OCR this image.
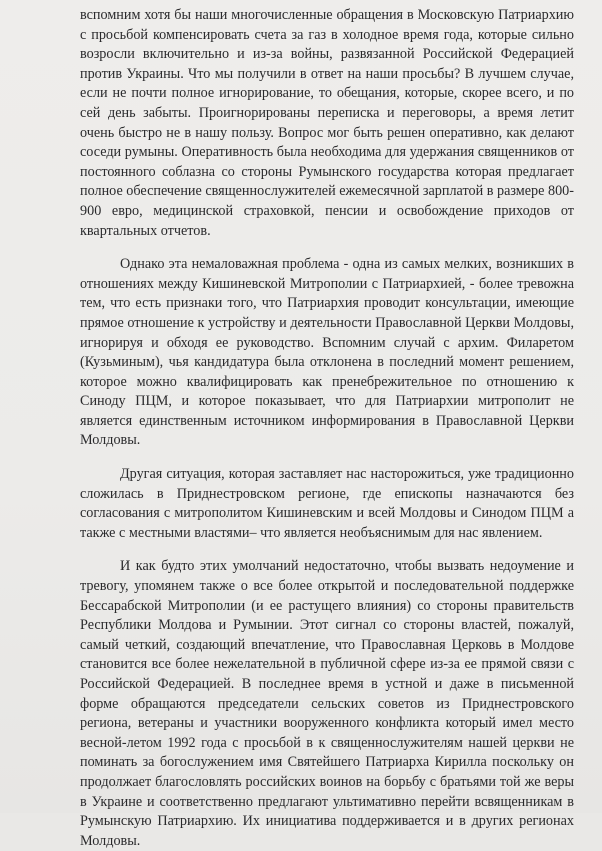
вспомним хотя бы наши многочисленные обращения в Московскую Патриархию с просьбой компенсировать счета за газ в холодное время года, которые сильно возросли включительно и из-за войны, развязанной Российской Федерацией против Украины. Что мы получили в ответ на наши просьбы? В лучшем случае, если не почти полное игнорирование, то обещания, которые, скорее всего, и по сей день забыты. Проигнорированы переписка и переговоры, а время летит очень быстро не в нашу пользу. Вопрос мог быть решен оперативно, как делают соседи румыны. Оперативность была необходима для удержания священников от постоянного соблазна со стороны Румынского государства которая предлагает полное обеспечение священнослужителей ежемесячной зарплатой в размере 800-900 евро, медицинской страховкой, пенсии и освобождение приходов от квартальных отчетов.

Однако эта немаловажная проблема - одна из самых мелких, возникших в отношениях между Кишиневской Митрополии с Патриархией, - более тревожна тем, что есть признаки того, что Патриархия проводит консультации, имеющие прямое отношение к устройству и деятельности Православной Церкви Молдовы, игнорируя и обходя ее руководство. Вспомним случай с архим. Филаретом (Кузьминым), чья кандидатура была отклонена в последний момент решением, которое можно квалифицировать как пренебрежительное по отношению к Синоду ПЦМ, и которое показывает, что для Патриархии митрополит не является единственным источником информирования в Православной Церкви Молдовы.

Другая ситуация, которая заставляет нас насторожиться, уже традиционно сложилась в Приднестровском регионе, где епископы назначаются без согласования с митрополитом Кишиневским и всей Молдовы и Синодом ПЦМ а также с местными властями– что является необъяснимым для нас явлением.

И как будто этих умолчаний недостаточно, чтобы вызвать недоумение и тревогу, упомянем также о все более открытой и последовательной поддержке Бессарабской Митрополии (и ее растущего влияния) со стороны правительств Республики Молдова и Румынии. Этот сигнал со стороны властей, пожалуй, самый четкий, создающий впечатление, что Православная Церковь в Молдове становится все более нежелательной в публичной сфере из-за ее прямой связи с Российской Федерацией. В последнее время в устной и даже в письменной форме обращаются председатели сельских советов из Приднестровского региона, ветераны и участники вооруженного конфликта который имел место весной-летом 1992 года с просьбой в к священнослужителям нашей церкви не поминать за богослужением имя Святейшего Патриарха Кирилла поскольку он продолжает благословлять российских воинов на борьбу с братьями той же веры в Украине и соответственно предлагают ультимативно перейти всвященникам в Румынскую Патриархию. Их инициатива поддерживается и в других регионах Молдовы.
